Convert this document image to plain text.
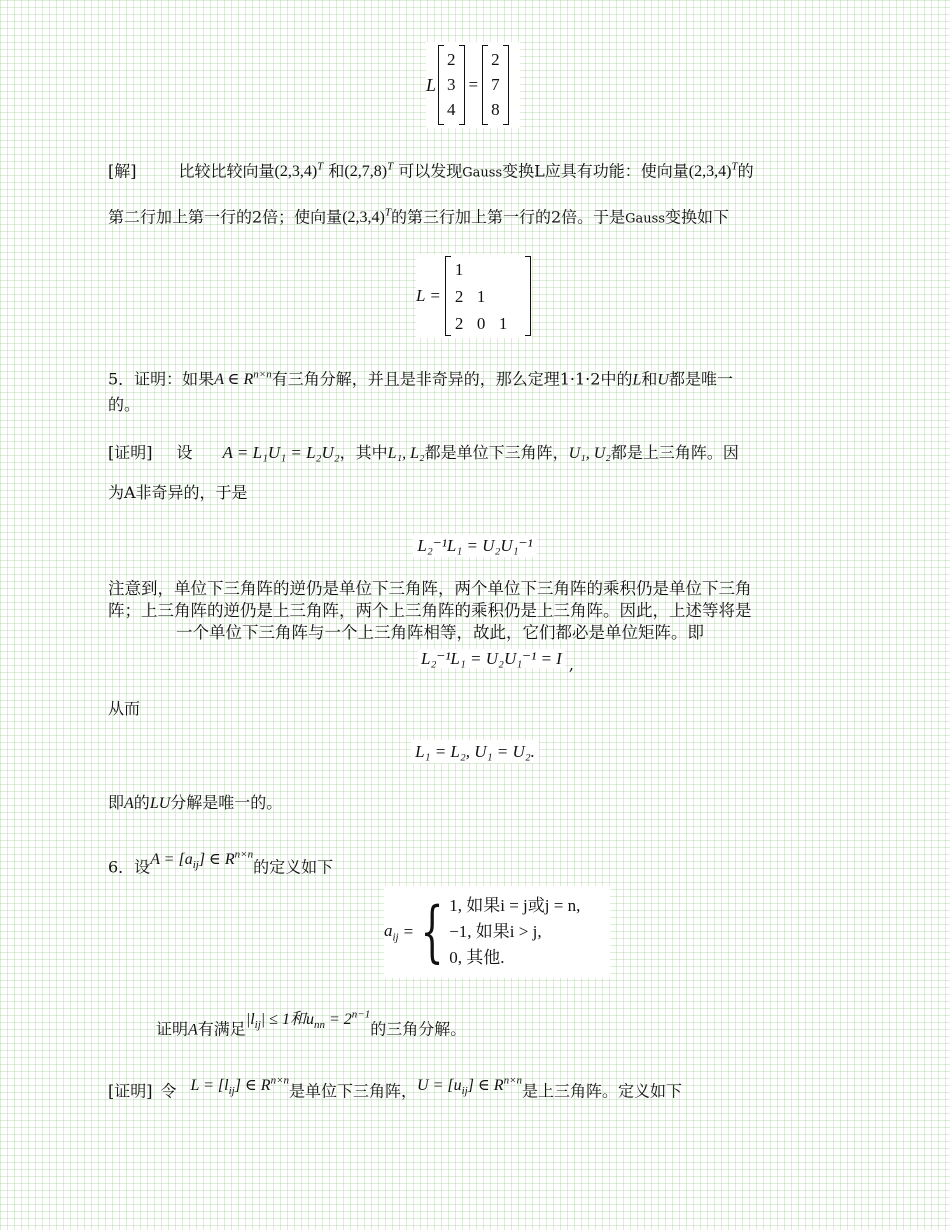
L
2
3
4
=
2
7
8
[解]	比较比较向量$(2,3,4)^T$ 和$(2,7,8)^T$ 可以发现Gauss变换L应具有功能：使向量$(2,3,4)^T$的
第二行加上第一行的2倍；使向量$(2,3,4)^T$的第三行加上第一行的2倍。于是Gauss变换如下
L =
1
2 1
2 0 1
5．证明：如果A ∈ $R^{n\times n}$有三角分解，并且是非奇异的，那么定理1·1·2中的L和U都是唯一
的。
[证明] 设 A = L₁U₁ = L₂U₂，其中L₁, L₂都是单位下三角阵，U₁, U₂都是上三角阵。因
为A非奇异的，于是
L₂⁻¹L₁ = U₂U₁⁻¹
注意到，单位下三角阵的逆仍是单位下三角阵，两个单位下三角阵的乘积仍是单位下三角
阵；上三角阵的逆仍是上三角阵，两个上三角阵的乘积仍是上三角阵。因此，上述等将是
一个单位下三角阵与一个上三角阵相等，故此，它们都必是单位矩阵。即
L₂⁻¹L₁ = U₂U₁⁻¹ = I ,
从而
L₁ = L₂, U₁ = U₂.
即A的LU分解是唯一的。
6．设$A = [a_{ij}]$ ∈ $R^{n\times n}$的定义如下
$a_{ij}$ = { 1, 如果i = j或j = n,
−1, 如果i > j,
0, 其他.
证明A有满足$|l_{ij}| \le 1$和$u_{nn} = 2^{n-1}$的三角分解。
[证明] 令 $L = [l_{ij}]$ ∈ $R^{n\times n}$是单位下三角阵，$U = [u_{ij}]$ ∈ $R^{n\times n}$是上三角阵。定义如下
